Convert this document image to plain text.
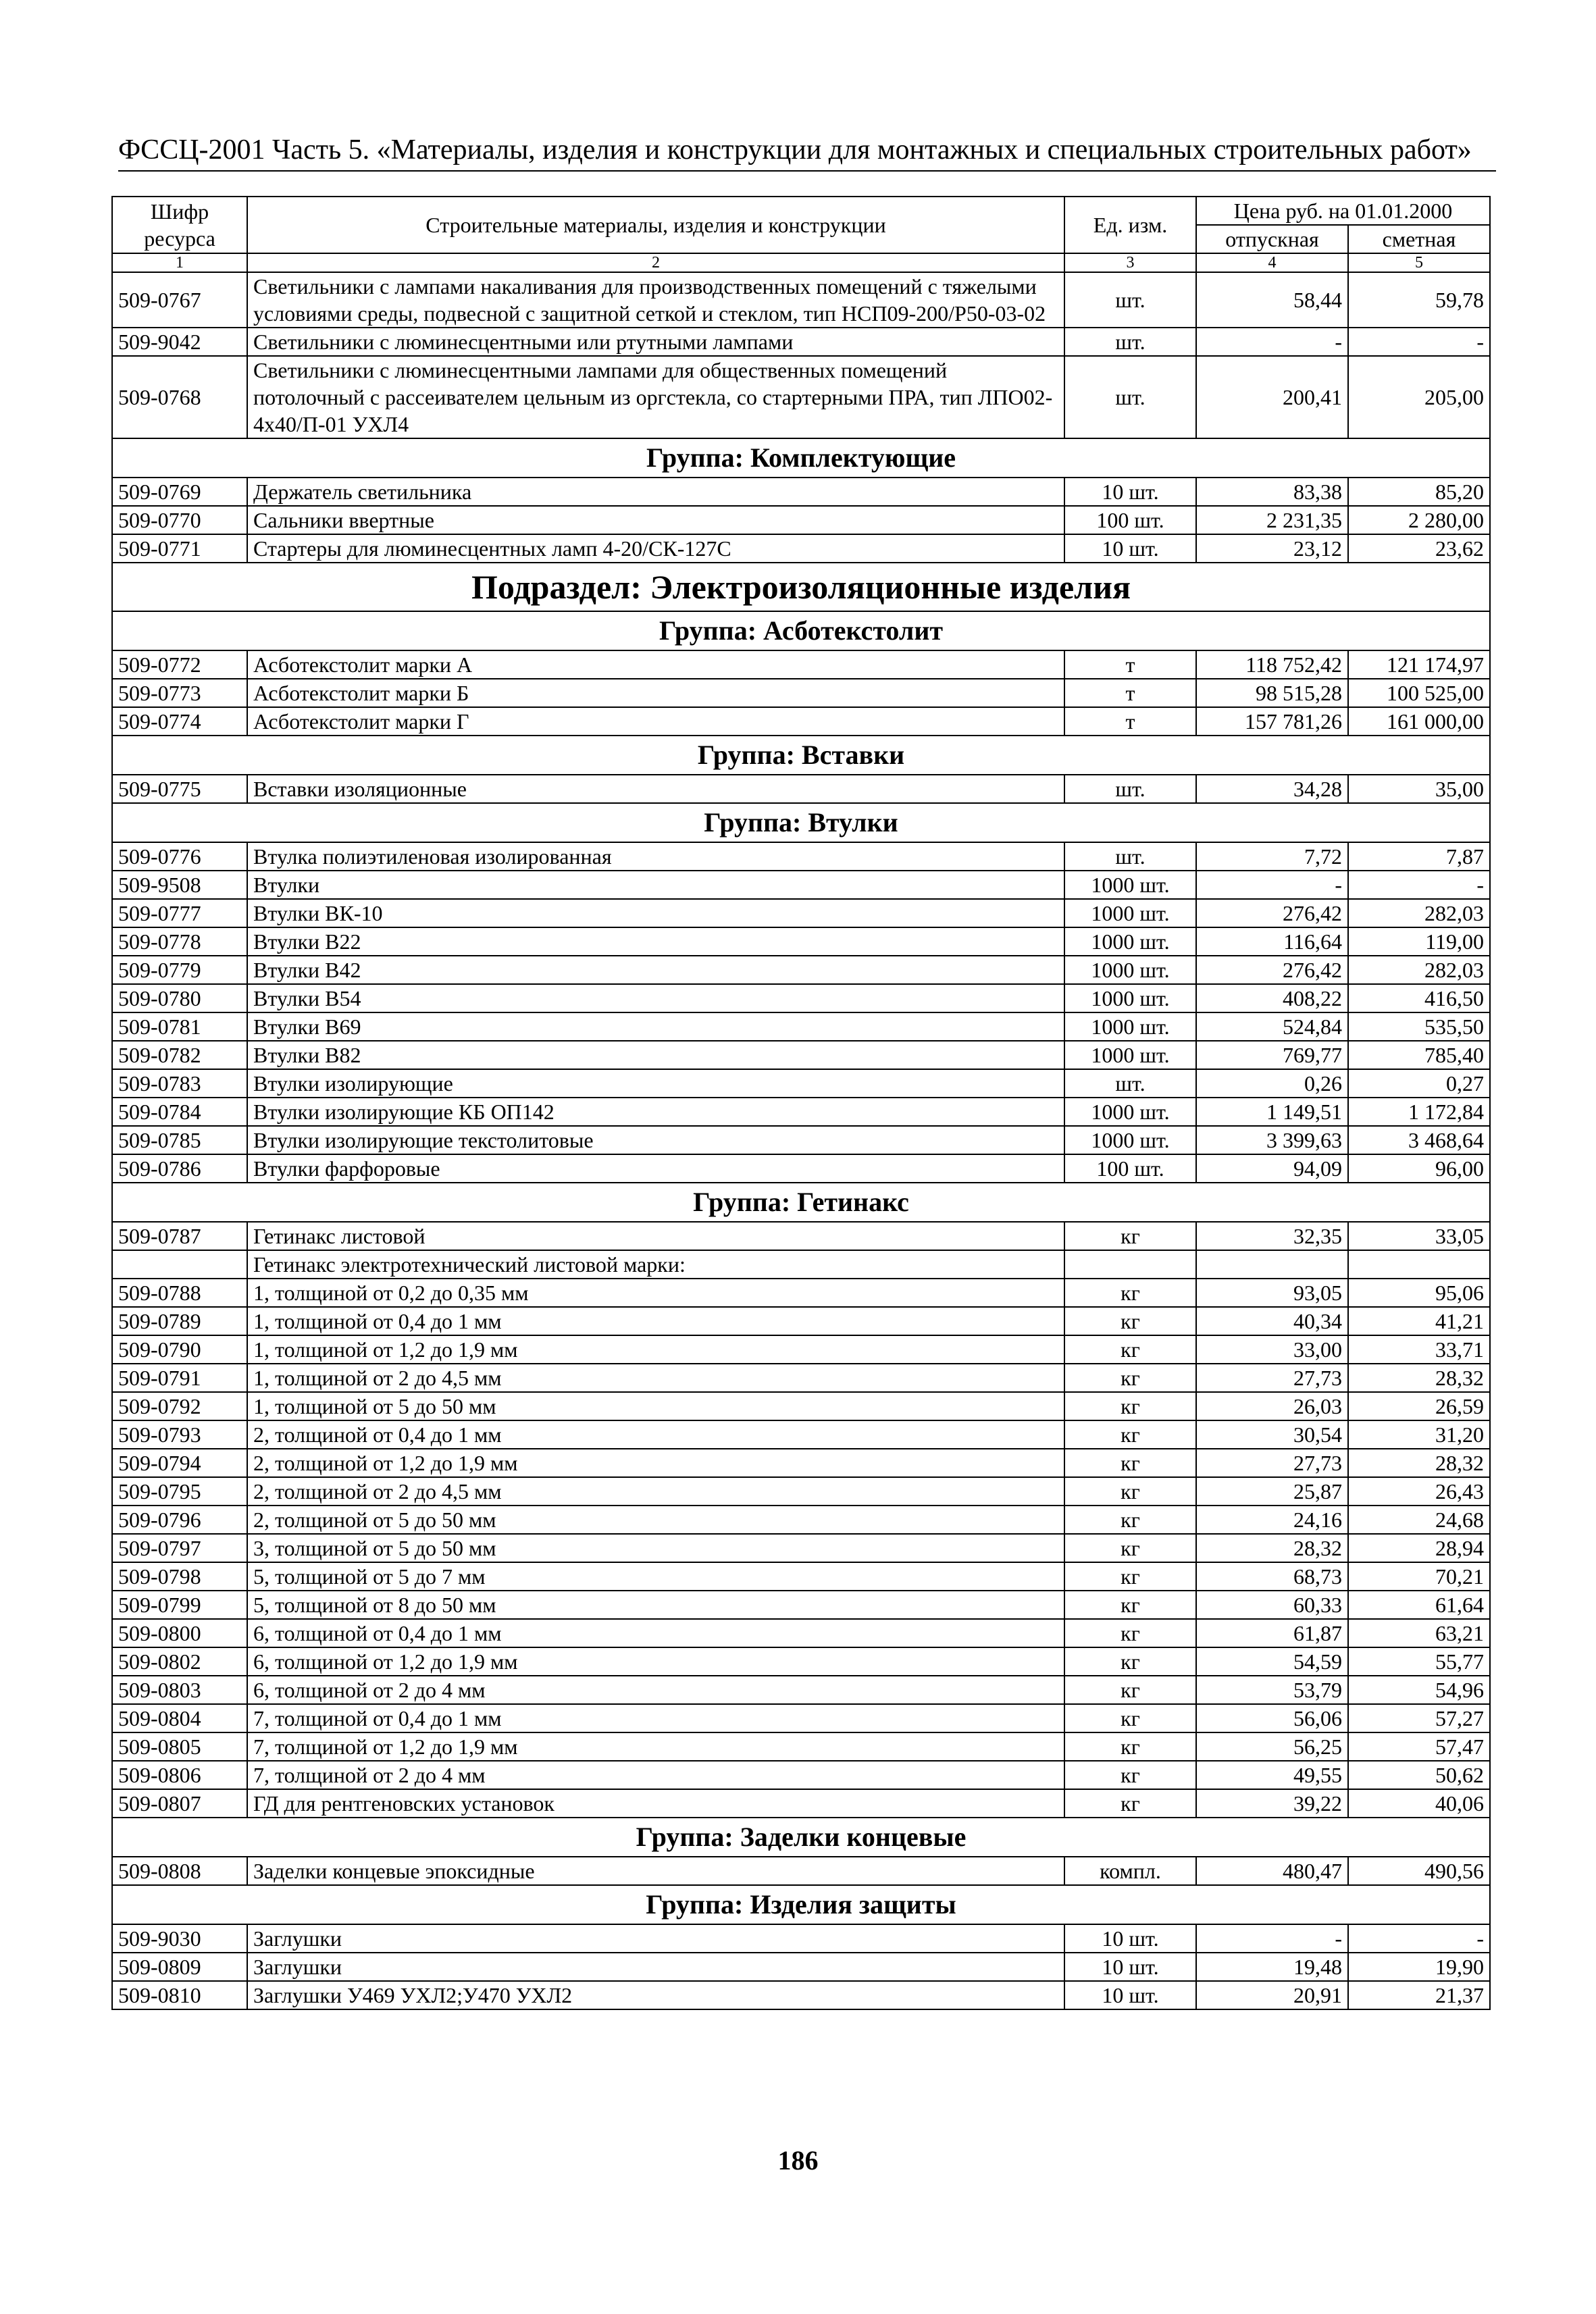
ФССЦ-2001 Часть 5. «Материалы, изделия и конструкции для монтажных и специальных строительных работ»
Шифр ресурса	Строительные материалы, изделия и конструкции	Ед. изм.	Цена руб. на 01.01.2000	
			отпускная	сметная
1	2	3	4	5
509-0767	Светильники с лампами накаливания для производственных помещений с тяжелыми условиями среды, подвесной с защитной сеткой и стеклом, тип НСП09-200/Р50-03-02	шт.	58,44	59,78
509-9042	Светильники с люминесцентными или ртутными лампами	шт.	-	-
509-0768	Светильники с люминесцентными лампами для общественных помещений потолочный с рассеивателем цельным из оргстекла, со стартерными ПРА, тип ЛПО02-4х40/П-01 УХЛ4	шт.	200,41	205,00
Группа: Комплектующие				
509-0769	Держатель светильника	10 шт.	83,38	85,20
509-0770	Сальники ввертные	100 шт.	2 231,35	2 280,00
509-0771	Стартеры для люминесцентных ламп 4-20/СК-127С	10 шт.	23,12	23,62
Подраздел: Электроизоляционные изделия				
Группа: Асботекстолит				
509-0772	Асботекстолит марки А	т	118 752,42	121 174,97
509-0773	Асботекстолит марки Б	т	98 515,28	100 525,00
509-0774	Асботекстолит марки Г	т	157 781,26	161 000,00
Группа: Вставки				
509-0775	Вставки изоляционные	шт.	34,28	35,00
Группа: Втулки				
509-0776	Втулка полиэтиленовая изолированная	шт.	7,72	7,87
509-9508	Втулки	1000 шт.	-	-
509-0777	Втулки ВК-10	1000 шт.	276,42	282,03
509-0778	Втулки В22	1000 шт.	116,64	119,00
509-0779	Втулки В42	1000 шт.	276,42	282,03
509-0780	Втулки В54	1000 шт.	408,22	416,50
509-0781	Втулки В69	1000 шт.	524,84	535,50
509-0782	Втулки В82	1000 шт.	769,77	785,40
509-0783	Втулки изолирующие	шт.	0,26	0,27
509-0784	Втулки изолирующие КБ ОП142	1000 шт.	1 149,51	1 172,84
509-0785	Втулки изолирующие текстолитовые	1000 шт.	3 399,63	3 468,64
509-0786	Втулки фарфоровые	100 шт.	94,09	96,00
Группа: Гетинакс				
509-0787	Гетинакс листовой	кг	32,35	33,05
	Гетинакс электротехнический листовой марки:			
509-0788	1, толщиной от 0,2 до 0,35 мм	кг	93,05	95,06
509-0789	1, толщиной от 0,4 до 1 мм	кг	40,34	41,21
509-0790	1, толщиной от 1,2 до 1,9 мм	кг	33,00	33,71
509-0791	1, толщиной от 2 до 4,5 мм	кг	27,73	28,32
509-0792	1, толщиной от 5 до 50 мм	кг	26,03	26,59
509-0793	2, толщиной от 0,4 до 1 мм	кг	30,54	31,20
509-0794	2, толщиной от 1,2 до 1,9 мм	кг	27,73	28,32
509-0795	2, толщиной от 2 до 4,5 мм	кг	25,87	26,43
509-0796	2, толщиной от 5 до 50 мм	кг	24,16	24,68
509-0797	3, толщиной от 5 до 50 мм	кг	28,32	28,94
509-0798	5, толщиной от 5 до 7 мм	кг	68,73	70,21
509-0799	5, толщиной от 8 до 50 мм	кг	60,33	61,64
509-0800	6, толщиной от 0,4 до 1 мм	кг	61,87	63,21
509-0802	6, толщиной от 1,2 до 1,9 мм	кг	54,59	55,77
509-0803	6, толщиной от 2 до 4 мм	кг	53,79	54,96
509-0804	7, толщиной от 0,4 до 1 мм	кг	56,06	57,27
509-0805	7, толщиной от 1,2 до 1,9 мм	кг	56,25	57,47
509-0806	7, толщиной от 2 до 4 мм	кг	49,55	50,62
509-0807	ГД для рентгеновских установок	кг	39,22	40,06
Группа: Заделки концевые				
509-0808	Заделки концевые эпоксидные	компл.	480,47	490,56
Группа: Изделия защиты				
509-9030	Заглушки	10 шт.	-	-
509-0809	Заглушки	10 шт.	19,48	19,90
509-0810	Заглушки У469 УХЛ2;У470 УХЛ2	10 шт.	20,91	21,37
186
